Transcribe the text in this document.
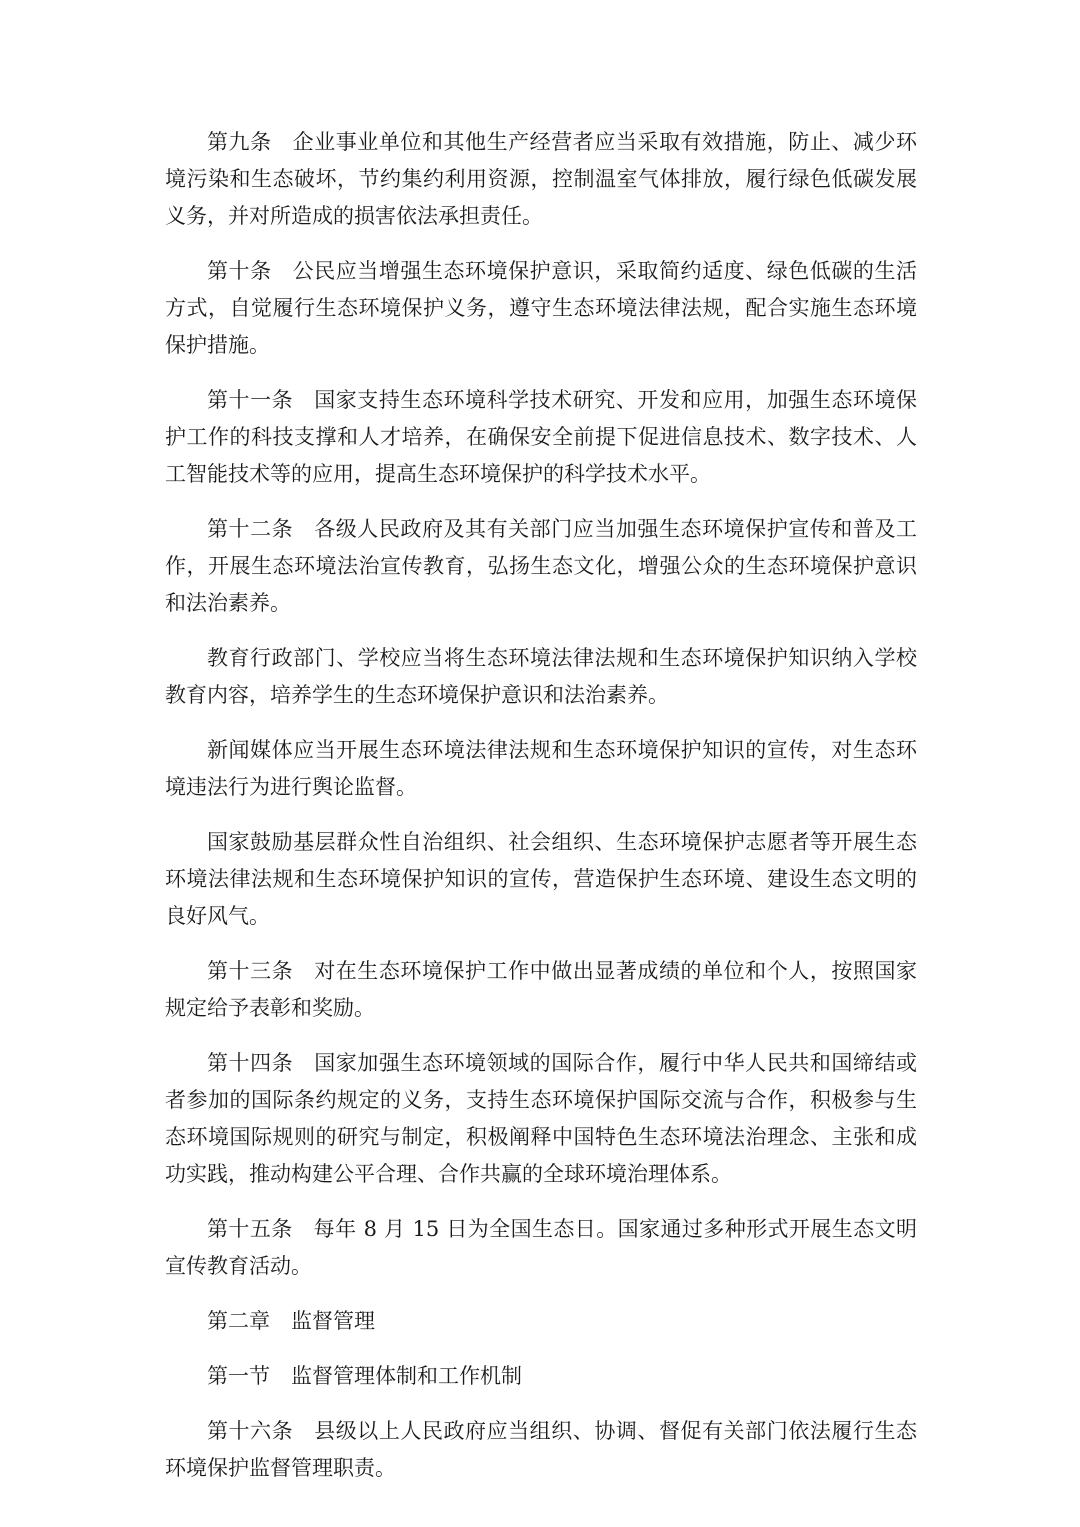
第九条 企业事业单位和其他生产经营者应当采取有效措施，防止、减少环境污染和生态破坏，节约集约利用资源，控制温室气体排放，履行绿色低碳发展义务，并对所造成的损害依法承担责任。

第十条 公民应当增强生态环境保护意识，采取简约适度、绿色低碳的生活方式，自觉履行生态环境保护义务，遵守生态环境法律法规，配合实施生态环境保护措施。

第十一条 国家支持生态环境科学技术研究、开发和应用，加强生态环境保护工作的科技支撑和人才培养，在确保安全前提下促进信息技术、数字技术、人工智能技术等的应用，提高生态环境保护的科学技术水平。

第十二条 各级人民政府及其有关部门应当加强生态环境保护宣传和普及工作，开展生态环境法治宣传教育，弘扬生态文化，增强公众的生态环境保护意识和法治素养。

教育行政部门、学校应当将生态环境法律法规和生态环境保护知识纳入学校教育内容，培养学生的生态环境保护意识和法治素养。

新闻媒体应当开展生态环境法律法规和生态环境保护知识的宣传，对生态环境违法行为进行舆论监督。

国家鼓励基层群众性自治组织、社会组织、生态环境保护志愿者等开展生态环境法律法规和生态环境保护知识的宣传，营造保护生态环境、建设生态文明的良好风气。

第十三条 对在生态环境保护工作中做出显著成绩的单位和个人，按照国家规定给予表彰和奖励。

第十四条 国家加强生态环境领域的国际合作，履行中华人民共和国缔结或者参加的国际条约规定的义务，支持生态环境保护国际交流与合作，积极参与生态环境国际规则的研究与制定，积极阐释中国特色生态环境法治理念、主张和成功实践，推动构建公平合理、合作共赢的全球环境治理体系。

第十五条 每年 8 月 15 日为全国生态日。国家通过多种形式开展生态文明宣传教育活动。

第二章 监督管理

第一节 监督管理体制和工作机制

第十六条 县级以上人民政府应当组织、协调、督促有关部门依法履行生态环境保护监督管理职责。
